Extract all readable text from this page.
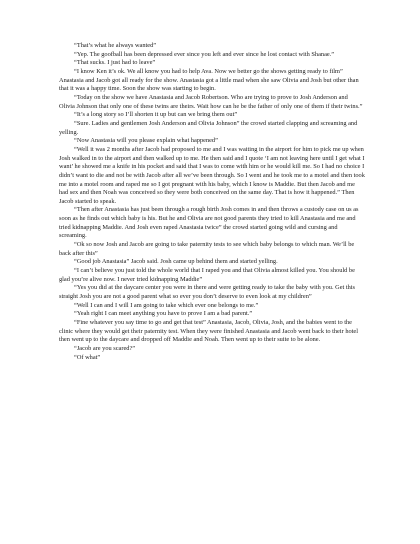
“That’s what he always wanted”

“Yep. The goofball has been depressed ever since you left and ever since he lost contact with Shanae.”

“That sucks. I just had to leave”

“I know Ken it’s ok. We all know you had to help Ava. Now we better go the shows getting ready to film” Anastasia and Jacob got all ready for the show. Anastasia got a little mad when she saw Olivia and Josh but other than that it was a happy time. Soon the show was starting to begin.

“Today on the show we have Anastasia and Jacob Robertson. Who are trying to prove to Josh Anderson and Olivia Johnson that only one of these twins are theirs. Wait how can he be the father of only one of them if their twins.”

“It’s a long story so I’ll shorten it up but can we bring them out”

“Sure. Ladies and gentlemen Josh Anderson and Olivia Johnson” the crowd started clapping and screaming and yelling.

“Now Anastasia will you please explain what happened”

“Well it was 2 months after Jacob had proposed to me and I was waiting in the airport for him to pick me up when Josh walked in to the airport and then walked up to me. He then said and I quote ‘I am not leaving here until I get what I want’ he showed me a knife in his pocket and said that I was to come with him or he would kill me. So I had no choice I didn’t want to die and not be with Jacob after all we’ve been through. So I went and he took me to a motel and then took me into a motel room and raped me so I got pregnant with his baby, which I know is Maddie. But then Jacob and me had sex and then Noah was conceived so they were both conceived on the same day. That is how it happened.” Then Jacob started to speak.

“Then after Anastasia has just been through a rough birth Josh comes in and then throws a custody case on us as soon as he finds out which baby is his. But he and Olivia are not good parents they tried to kill Anastasia and me and tried kidnapping Maddie. And Josh even raped Anastasia twice” the crowd started going wild and cursing and screaming.

“Ok so now Josh and Jacob are going to take paternity tests to see which baby belongs to which man. We’ll be back after this”

“Good job Anastasia” Jacob said. Josh came up behind them and started yelling.

“I can’t believe you just told the whole world that I raped you and that Olivia almost killed you. You should be glad you’re alive now. I never tried kidnapping Maddie”

“Yes you did at the daycare center you were in there and were getting ready to take the baby with you. Get this straight Josh you are not a good parent what so ever you don’t deserve to even look at my children”

“Well I can and I will I am going to take which ever one belongs to me.”

“Yeah right I can meet anything you have to prove I am a bad parent.”

“Fine whatever you say time to go and get that test” Anastasia, Jacob, Olivia, Josh, and the babies went to the clinic where they would get their paternity test. When they were finished Anastasia and Jacob went back to their hotel then went up to the daycare and dropped off Maddie and Noah. Then went up to their suite to be alone.

“Jacob are you scared?”

“Of what”
